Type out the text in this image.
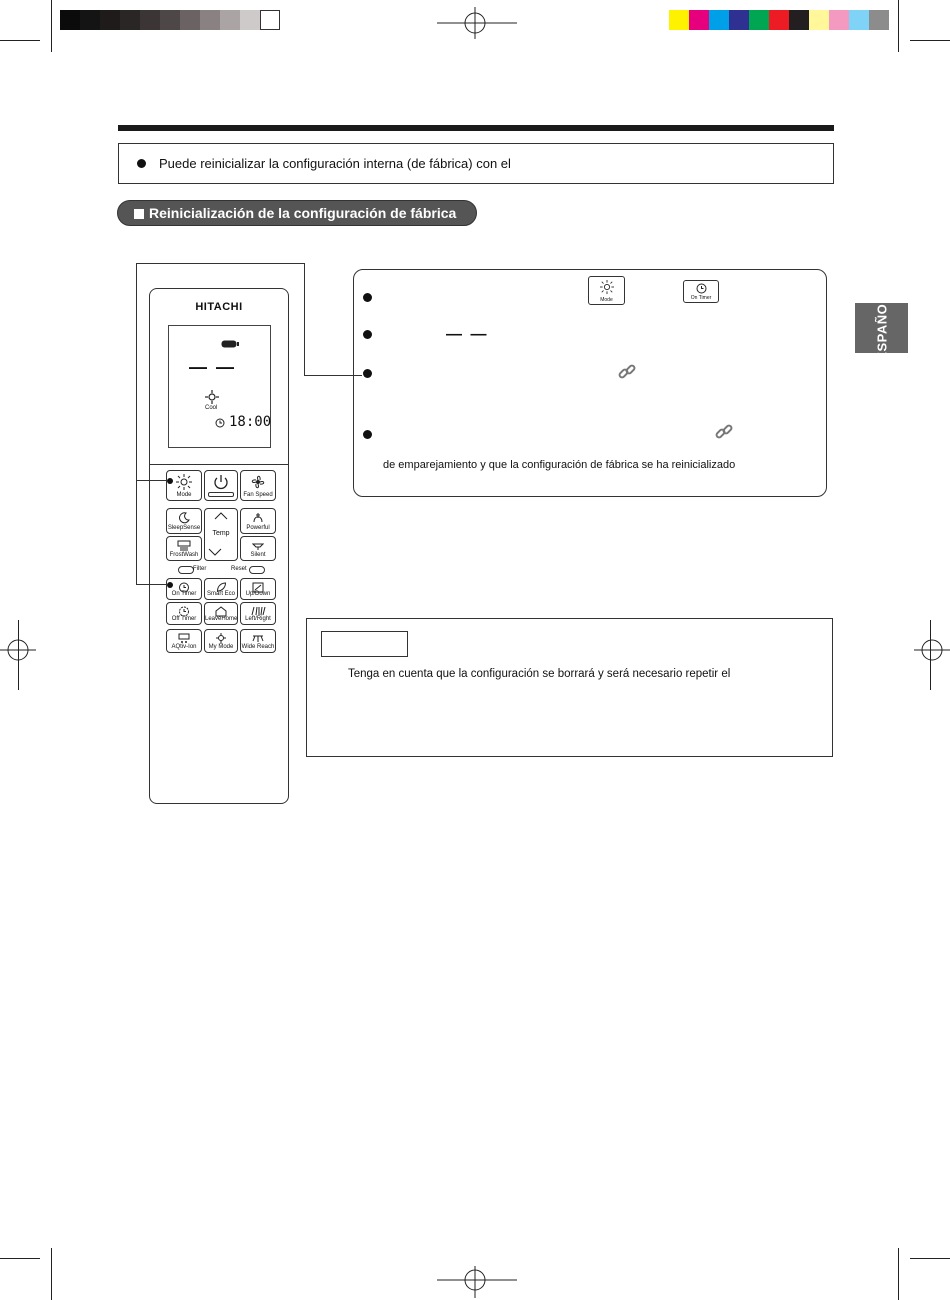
Puede reinicializar la configuración interna (de fábrica) con el
Reinicialización de la configuración de fábrica
ESPAÑOL
HITACHI
— —
Cool
18:00
Mode	Fan Speed
SleepSense
Temp
Powerful
FrostWash	Silent
Filter	Reset
On Timer	Smart Eco	Up/Down
Off Timer	LeaveHome	Left/Right
AQtiv-Ion	My Mode	Wide Reach
Mode	On Timer
— —
de emparejamiento y que la configuración de fábrica se ha reinicializado
Tenga en cuenta que la configuración se borrará y será necesario repetir el
